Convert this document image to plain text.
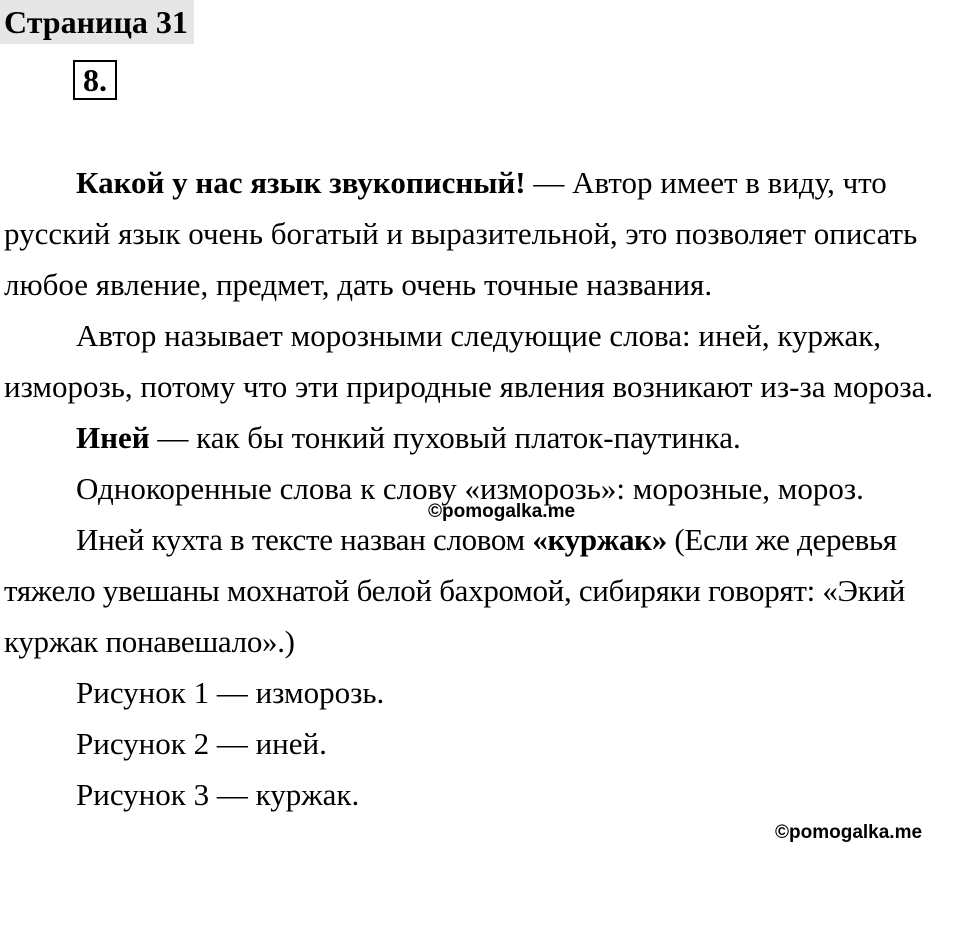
Страница 31
8.

Какой у нас язык звукописный! — Автор имеет в виду, что русский язык очень богатый и выразительной, это позволяет описать любое явление, предмет, дать очень точные названия.

Автор называет морозными следующие слова: иней, куржак, изморозь, потому что эти природные явления возникают из-за мороза.

Иней — как бы тонкий пуховый платок-паутинка.

Однокоренные слова к слову «изморозь»: морозные, мороз.

Иней кухта в тексте назван словом «куржак» (Если же деревья тяжело увешаны мохнатой белой бахромой, сибиряки говорят: «Экий куржак понавешало».)

Рисунок 1 — изморозь.

Рисунок 2 — иней.

Рисунок 3 — куржак.

©pomogalka.me
©pomogalka.me
